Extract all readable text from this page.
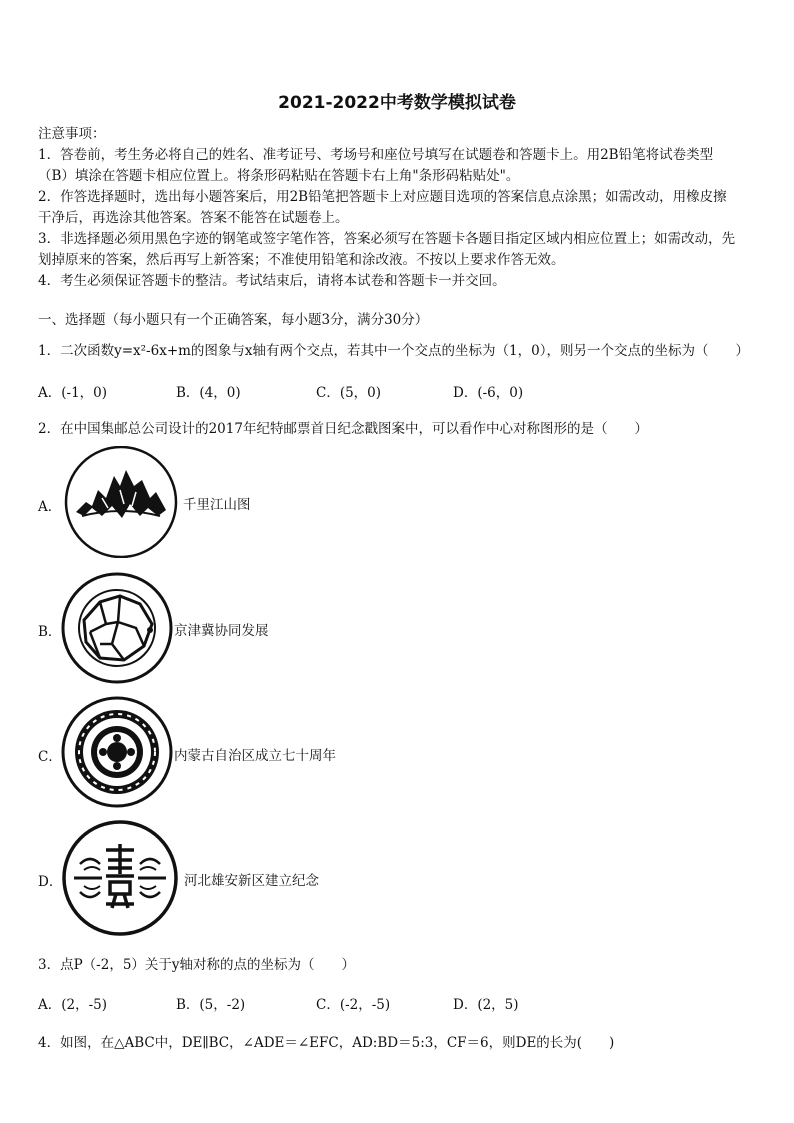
2021-2022中考数学模拟试卷
注意事项：
1．答卷前，考生务必将自己的姓名、准考证号、考场号和座位号填写在试题卷和答题卡上。用2B铅笔将试卷类型
（B）填涂在答题卡相应位置上。将条形码粘贴在答题卡右上角"条形码粘贴处"。
2．作答选择题时，选出每小题答案后，用2B铅笔把答题卡上对应题目选项的答案信息点涂黑；如需改动，用橡皮擦
干净后，再选涂其他答案。答案不能答在试题卷上。
3．非选择题必须用黑色字迹的钢笔或签字笔作答，答案必须写在答题卡各题目指定区域内相应位置上；如需改动，先
划掉原来的答案，然后再写上新答案；不准使用铅笔和涂改液。不按以上要求作答无效。
4．考生必须保证答题卡的整洁。考试结束后，请将本试卷和答题卡一并交回。
一、选择题（每小题只有一个正确答案，每小题3分，满分30分）
1．二次函数y=x²-6x+m的图象与x轴有两个交点，若其中一个交点的坐标为（1，0），则另一个交点的坐标为（　　）
A．(-1，0)	B．(4，0)	C．(5，0)	D．(-6，0)
2．在中国集邮总公司设计的2017年纪特邮票首日纪念戳图案中，可以看作中心对称图形的是（　　）
A．	千里江山图
B．	京津冀协同发展
C．	内蒙古自治区成立七十周年
D．	河北雄安新区建立纪念
3．点P（-2，5）关于y轴对称的点的坐标为（　　）
A．(2，-5)	B．(5，-2)	C．(-2，-5)	D．(2，5)
4．如图，在△ABC中，DE∥BC，∠ADE＝∠EFC，AD:BD＝5:3，CF＝6，则DE的长为(　　)
